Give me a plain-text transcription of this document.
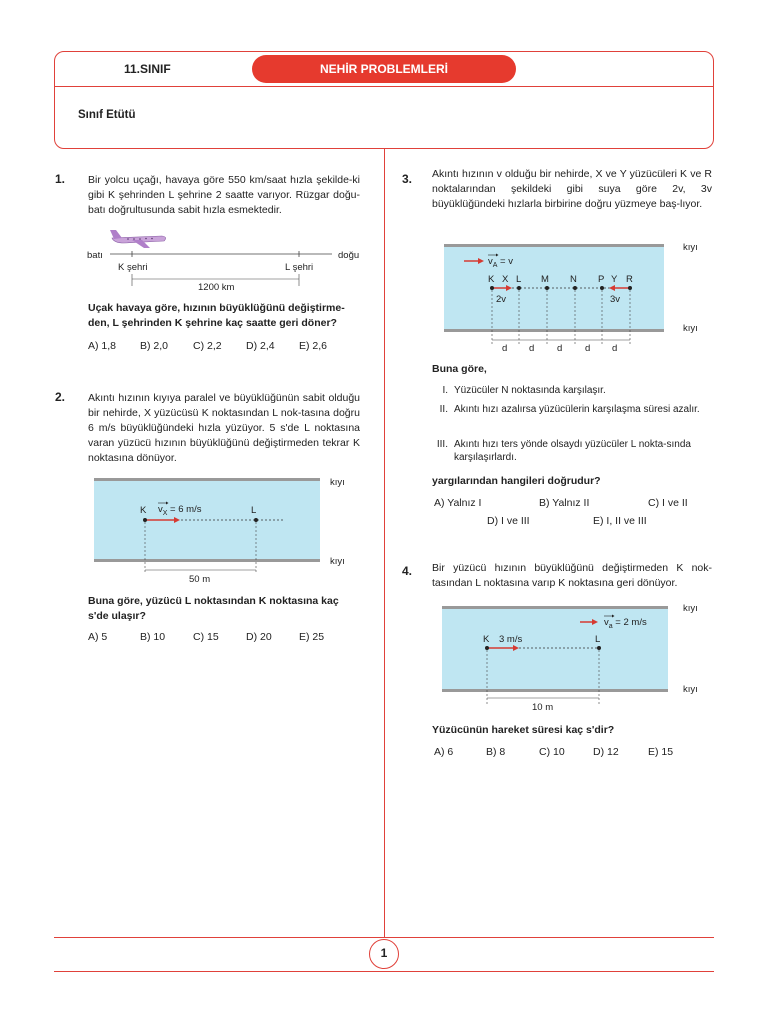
11.SINIF	NEHİR PROBLEMLERİ
Sınıf Etütü
1. Bir yolcu uçağı, havaya göre 550 km/saat hızla şekilde-ki gibi K şehrinden L şehrine 2 saatte varıyor. Rüzgar doğu-batı doğrultusunda sabit hızla esmektedir.
batı	doğu
K şehri	L şehri
1200 km
Uçak havaya göre, hızının büyüklüğünü değiştirme-den, L şehrinden K şehrine kaç saatte geri döner?
A) 1,8 B) 2,0 C) 2,2 D) 2,4 E) 2,6
2. Akıntı hızının kıyıya paralel ve büyüklüğünün sabit olduğu bir nehirde, X yüzücüsü K noktasından L nok-tasına doğru 6 m/s büyüklüğündeki hızla yüzüyor. 5 s'de L noktasına varan yüzücü hızının büyüklüğünü değiştirmeden tekrar K noktasına dönüyor.
kıyı
kıyı
K	L
$v_X = 6$ m/s
50 m
Buna göre, yüzücü L noktasından K noktasına kaç s'de ulaşır?
A) 5	B) 10	C) 15	D) 20	E) 25
3. Akıntı hızının v olduğu bir nehirde, X ve Y yüzücüleri K ve R noktalarından şekildeki gibi suya göre 2v, 3v büyüklüğündeki hızlarla birbirine doğru yüzmeye baş-lıyor.
kıyı
kıyı
$v_A = v$
K X L M N P Y R
2v	3v
d d d d d
Buna göre,
I. Yüzücüler N noktasında karşılaşır.
II. Akıntı hızı azalırsa yüzücülerin karşılaşma süresi azalır.
III. Akıntı hızı ters yönde olsaydı yüzücüler L nokta-sında karşılaşırlardı.
yargılarından hangileri doğrudur?
A) Yalnız I	B) Yalnız II	C) I ve II
D) I ve III	E) I, II ve III
4. Bir yüzücü hızının büyüklüğünü değiştirmeden K nok-tasından L noktasına varıp K noktasına geri dönüyor.
kıyı
kıyı
$v_a = 2$ m/s
K 3 m/s	L
10 m
Yüzücünün hareket süresi kaç s'dir?
A) 6	B) 8	C) 10	D) 12	E) 15
1
